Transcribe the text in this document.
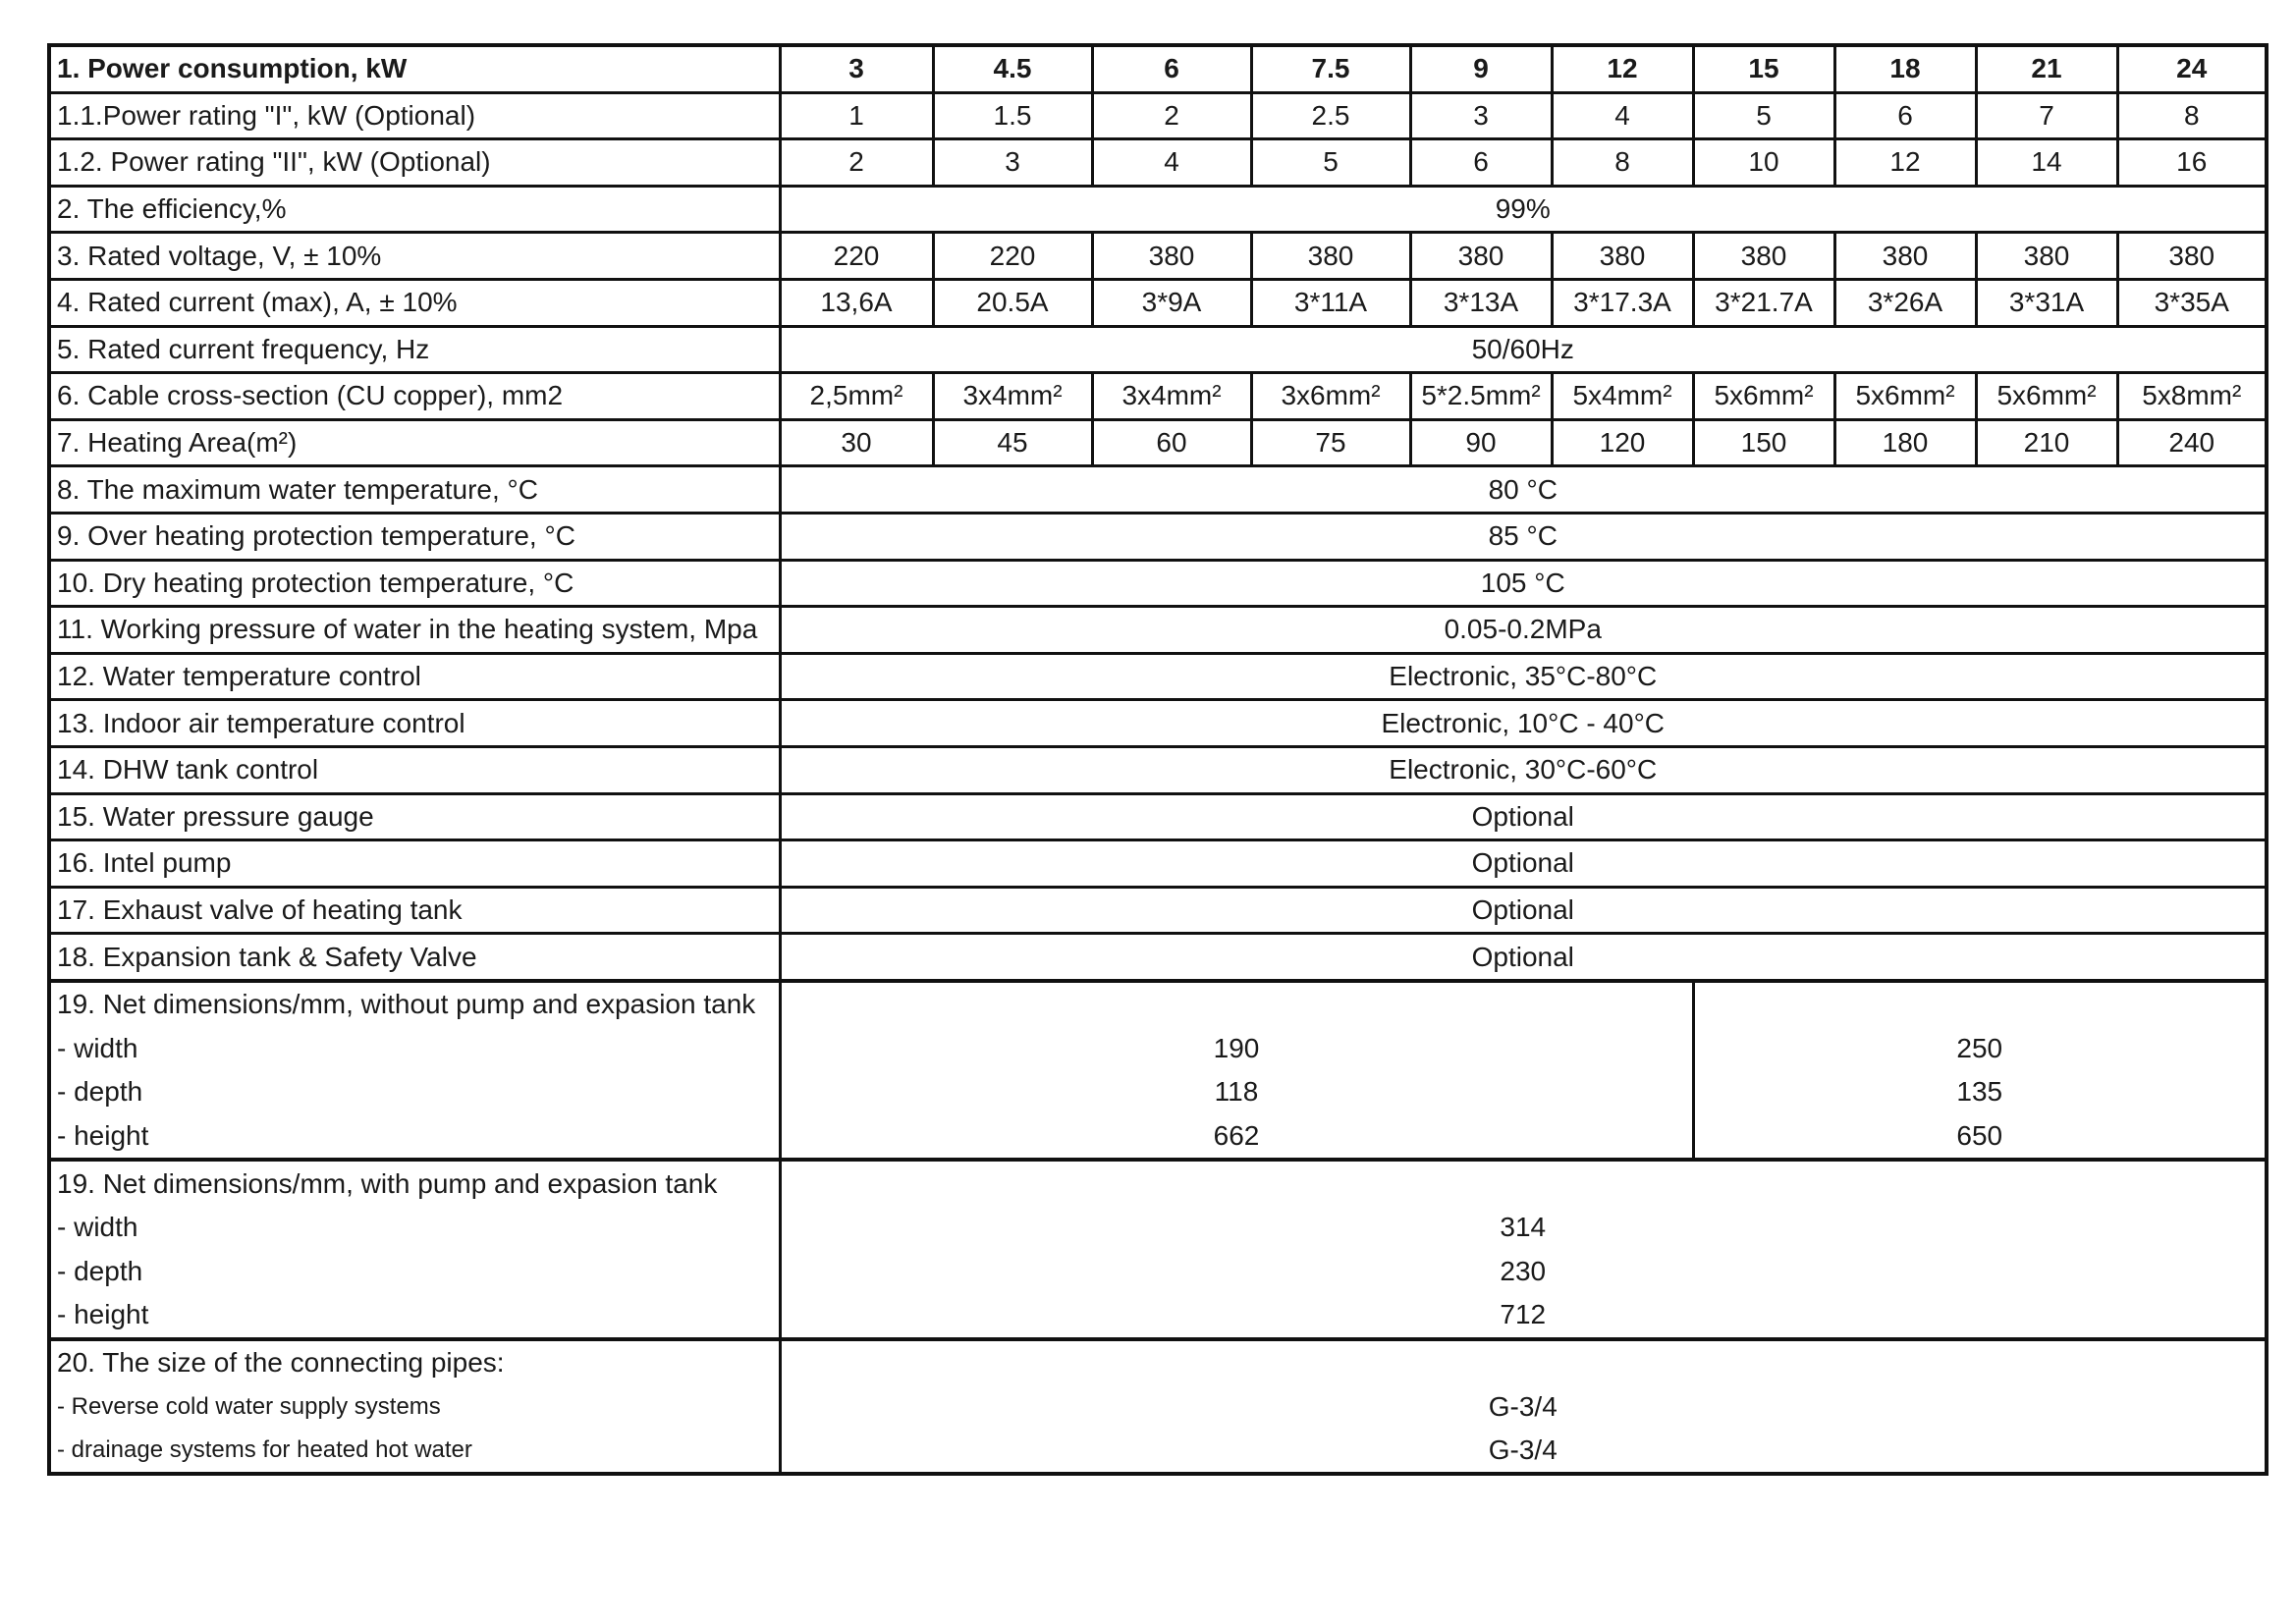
1. Power consumption, kW	3	4.5	6	7.5	9	12	15	18	21	24
1.1.Power rating "I", kW (Optional)	1	1.5	2	2.5	3	4	5	6	7	8
1.2. Power rating "II", kW (Optional)	2	3	4	5	6	8	10	12	14	16
2. The efficiency,%	99%									
3. Rated voltage, V, ± 10%	220	220	380	380	380	380	380	380	380	380
4. Rated current (max), A, ± 10%	13,6A	20.5A	3*9A	3*11A	3*13A	3*17.3A	3*21.7A	3*26A	3*31A	3*35A
5. Rated current frequency, Hz	50/60Hz									
6. Cable cross-section (CU copper), mm2	2,5mm²	3x4mm²	3x4mm²	3x6mm²	5*2.5mm²	5x4mm²	5x6mm²	5x6mm²	5x6mm²	5x8mm²
7. Heating Area(m²)	30	45	60	75	90	120	150	180	210	240
8. The maximum water temperature, °C	80 °C									
9. Over heating protection temperature, °C	85 °C									
10. Dry heating protection temperature, °C	105 °C									
11. Working pressure of water in the heating system, Mpa	0.05-0.2MPa									
12. Water temperature control	Electronic, 35°C-80°C									
13. Indoor air temperature control	Electronic, 10°C - 40°C									
14. DHW tank control	Electronic, 30°C-60°C									
15. Water pressure gauge	Optional									
16. Intel pump	Optional									
17. Exhaust valve of heating tank	Optional									
18. Expansion tank & Safety Valve	Optional									
19. Net dimensions/mm, without pump and expasion tank										
- width	190						250			
- depth	118						135			
- height	662						650			
19. Net dimensions/mm, with pump and expasion tank										
- width	314									
- depth	230									
- height	712									
20. The size of the connecting pipes:										
- Reverse cold water supply systems	G-3/4									
- drainage systems for heated hot water	G-3/4									
